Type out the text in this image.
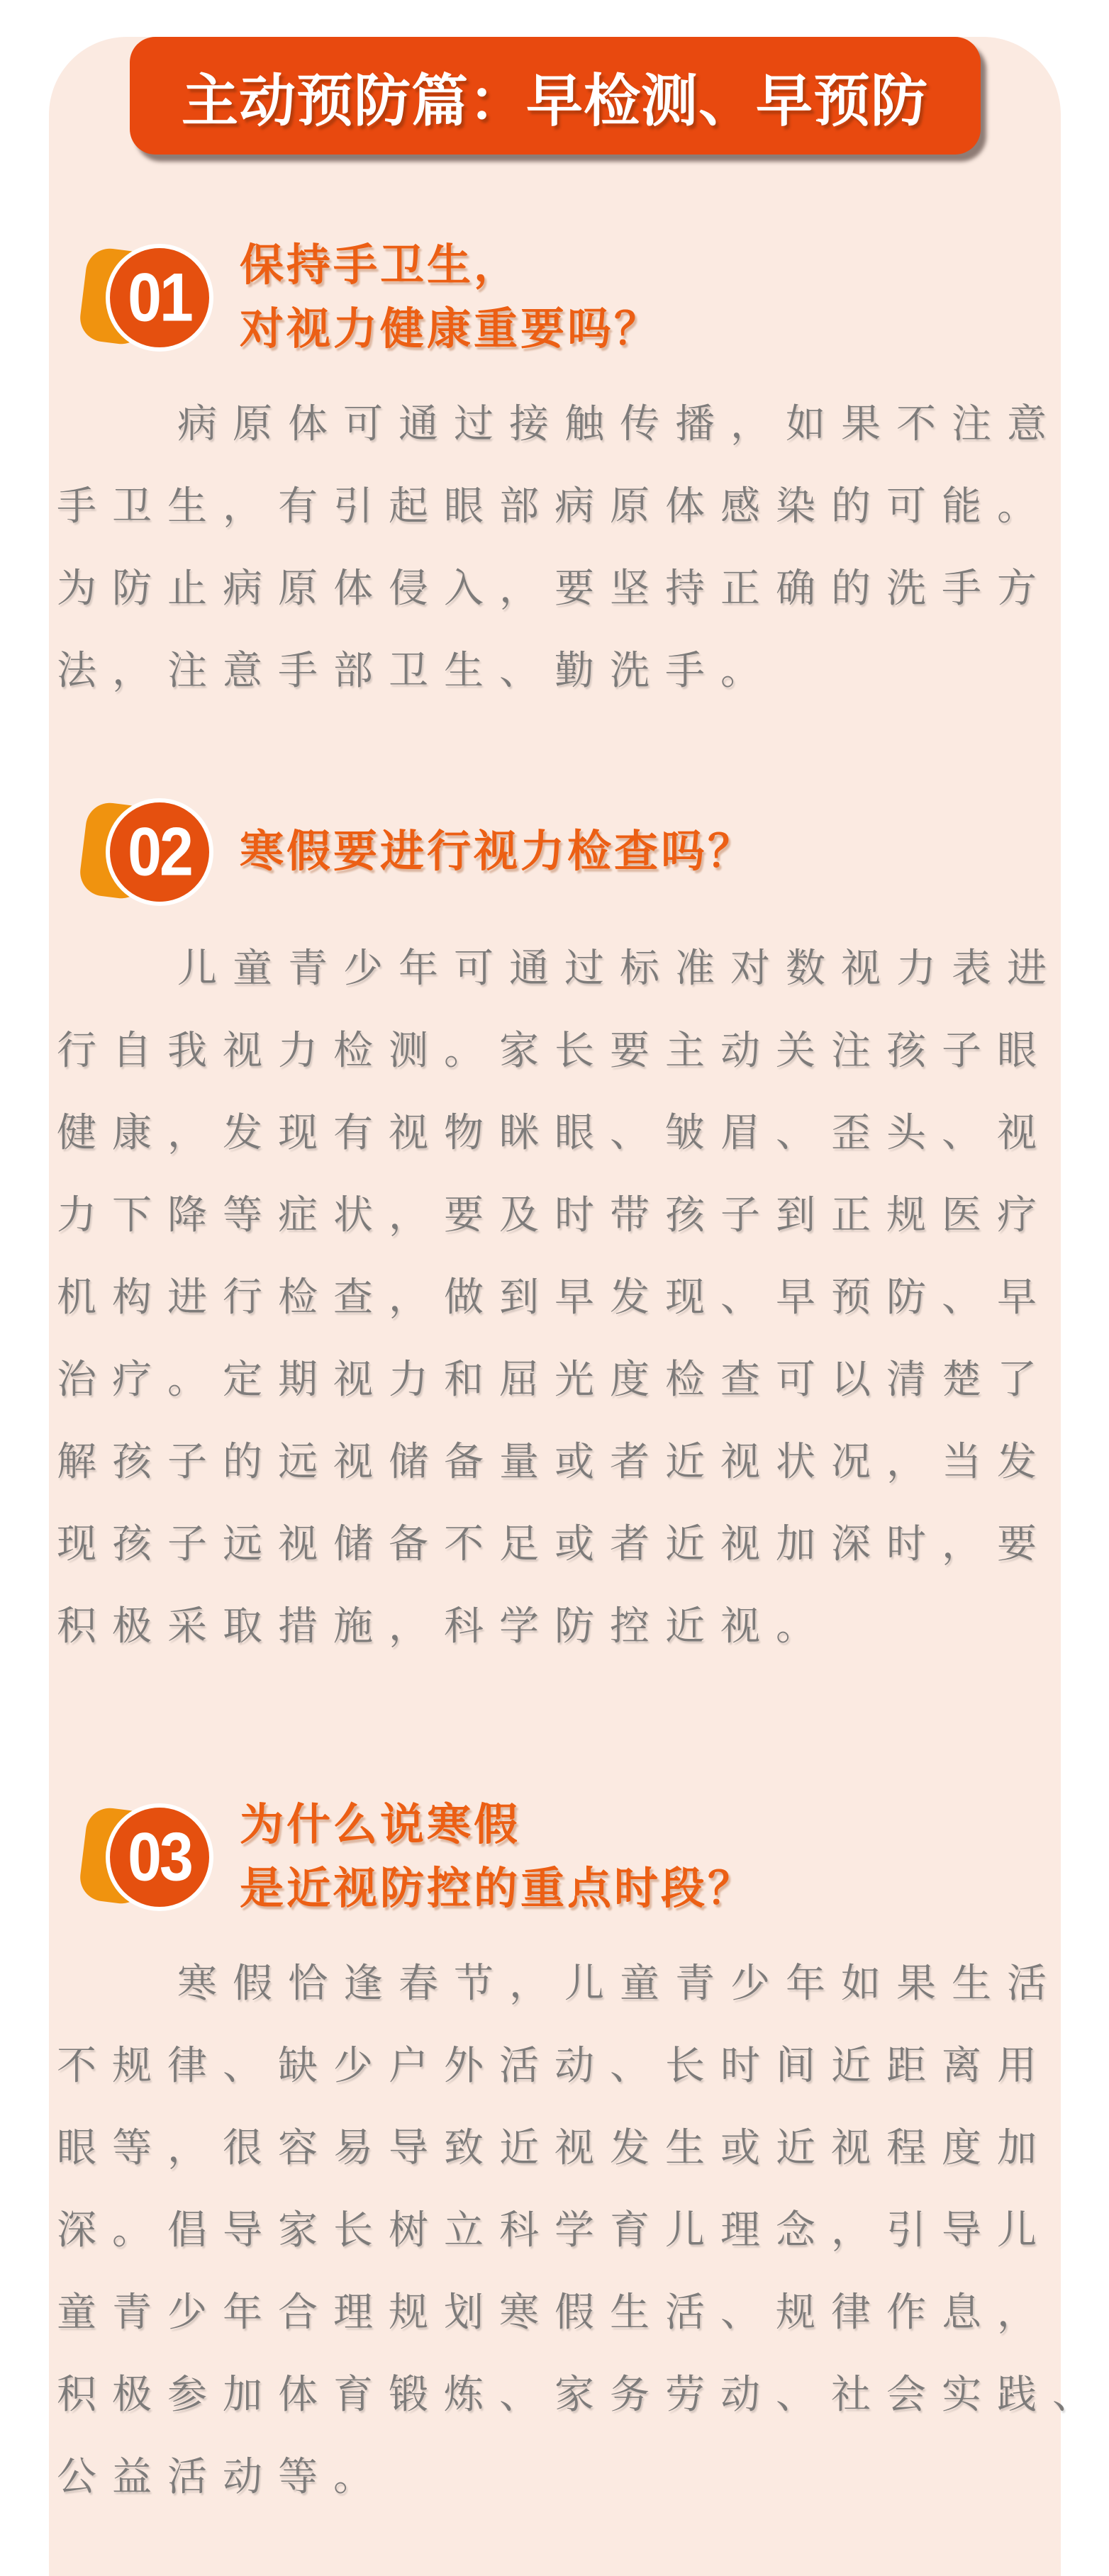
主动预防篇：早检测、早预防
01 保持手卫生，
对视力健康重要吗？
病原体可通过接触传播，如果不注意
手卫生，有引起眼部病原体感染的可能。
为防止病原体侵入，要坚持正确的洗手方
法，注意手部卫生、勤洗手。
02 寒假要进行视力检查吗？
儿童青少年可通过标准对数视力表进
行自我视力检测。家长要主动关注孩子眼
健康，发现有视物眯眼、皱眉、歪头、视
力下降等症状，要及时带孩子到正规医疗
机构进行检查，做到早发现、早预防、早
治疗。定期视力和屈光度检查可以清楚了
解孩子的远视储备量或者近视状况，当发
现孩子远视储备不足或者近视加深时，要
积极采取措施，科学防控近视。
03 为什么说寒假
是近视防控的重点时段？
寒假恰逢春节，儿童青少年如果生活
不规律、缺少户外活动、长时间近距离用
眼等，很容易导致近视发生或近视程度加
深。倡导家长树立科学育儿理念，引导儿
童青少年合理规划寒假生活、规律作息，
积极参加体育锻炼、家务劳动、社会实践、
公益活动等。
